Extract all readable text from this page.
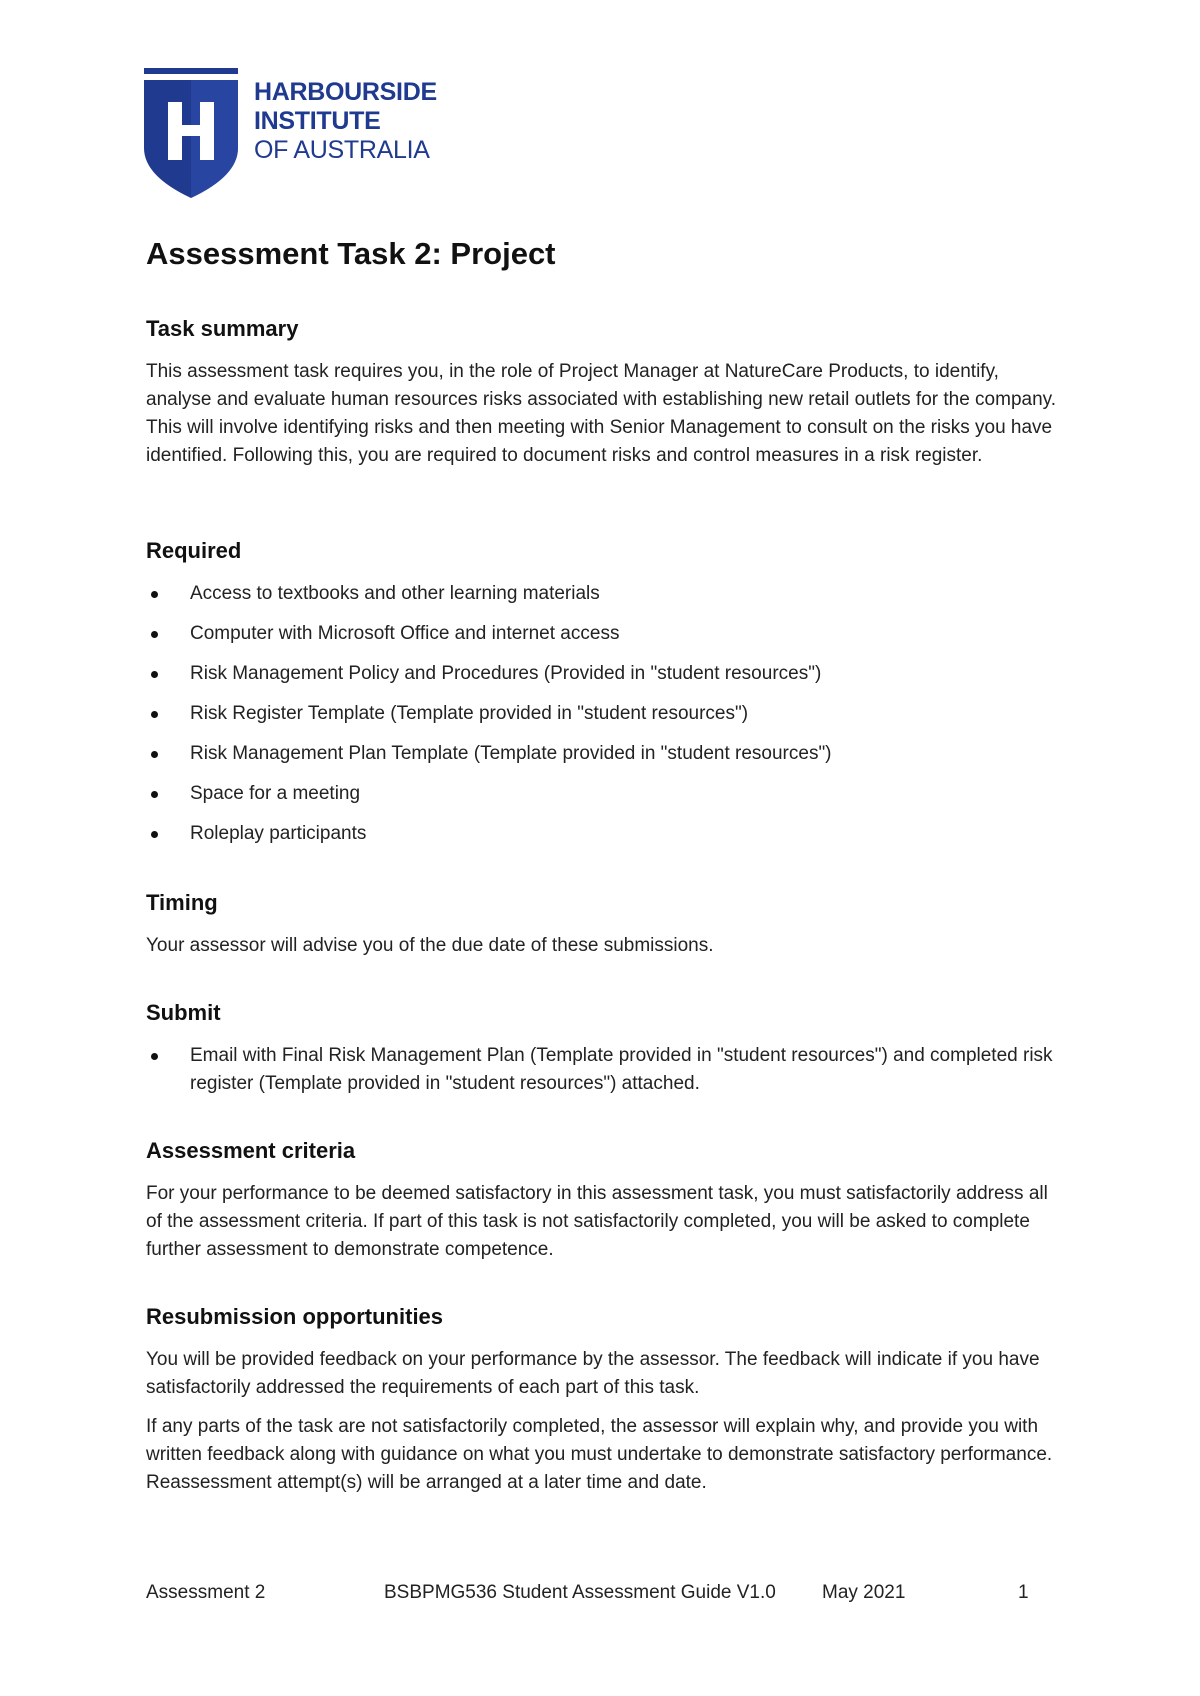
HARBOURSIDE
INSTITUTE
OF AUSTRALIA
Assessment Task 2: Project
Task summary

This assessment task requires you, in the role of Project Manager at NatureCare Products, to identify, analyse and evaluate human resources risks associated with establishing new retail outlets for the company. This will involve identifying risks and then meeting with Senior Management to consult on the risks you have identified. Following this, you are required to document risks and control measures in a risk register.

Required
Access to textbooks and other learning materials
Computer with Microsoft Office and internet access
Risk Management Policy and Procedures (Provided in "student resources")
Risk Register Template (Template provided in "student resources")
Risk Management Plan Template (Template provided in "student resources")
Space for a meeting
Roleplay participants
Timing

Your assessor will advise you of the due date of these submissions.

Submit
Email with Final Risk Management Plan (Template provided in "student resources") and completed risk register (Template provided in "student resources") attached.
Assessment criteria

For your performance to be deemed satisfactory in this assessment task, you must satisfactorily address all of the assessment criteria. If part of this task is not satisfactorily completed, you will be asked to complete further assessment to demonstrate competence.

Resubmission opportunities

You will be provided feedback on your performance by the assessor. The feedback will indicate if you have satisfactorily addressed the requirements of each part of this task.

If any parts of the task are not satisfactorily completed, the assessor will explain why, and provide you with written feedback along with guidance on what you must undertake to demonstrate satisfactory performance. Reassessment attempt(s) will be arranged at a later time and date.

Assessment 2	BSBPMG536 Student Assessment Guide V1.0 May 2021	1
